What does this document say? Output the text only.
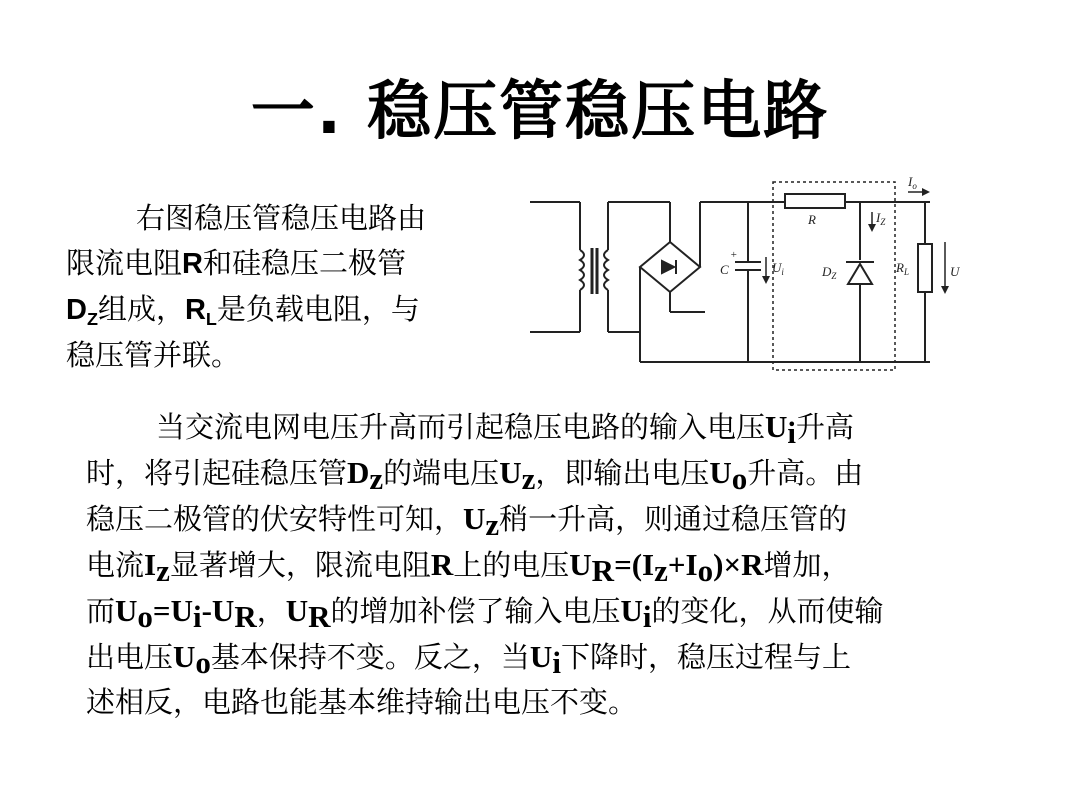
一. 稳压管稳压电路
右图稳压管稳压电路由
限流电阻R和硅稳压二极管
$D_Z$组成，$R_L$是负载电阻，与
稳压管并联。
R	$I_Z$
$I_o$
C
+
$U_i$	$D_Z$
$R_L$	U
当交流电网电压升高而引起稳压电路的输入电压$U_i$升高
时，将引起硅稳压管$D_z$的端电压$U_z$，即输出电压$U_o$升高。由
稳压二极管的伏安特性可知，$U_z$稍一升高，则通过稳压管的
电流$I_z$显著增大，限流电阻R上的电压$U_R=(I_z+I_o)\times R$增加，
而$U_o=U_i-U_R$，$U_R$的增加补偿了输入电压$U_i$的变化，从而使输
出电压$U_o$基本保持不变。反之，当$U_i$下降时，稳压过程与上
述相反，电路也能基本维持输出电压不变。
